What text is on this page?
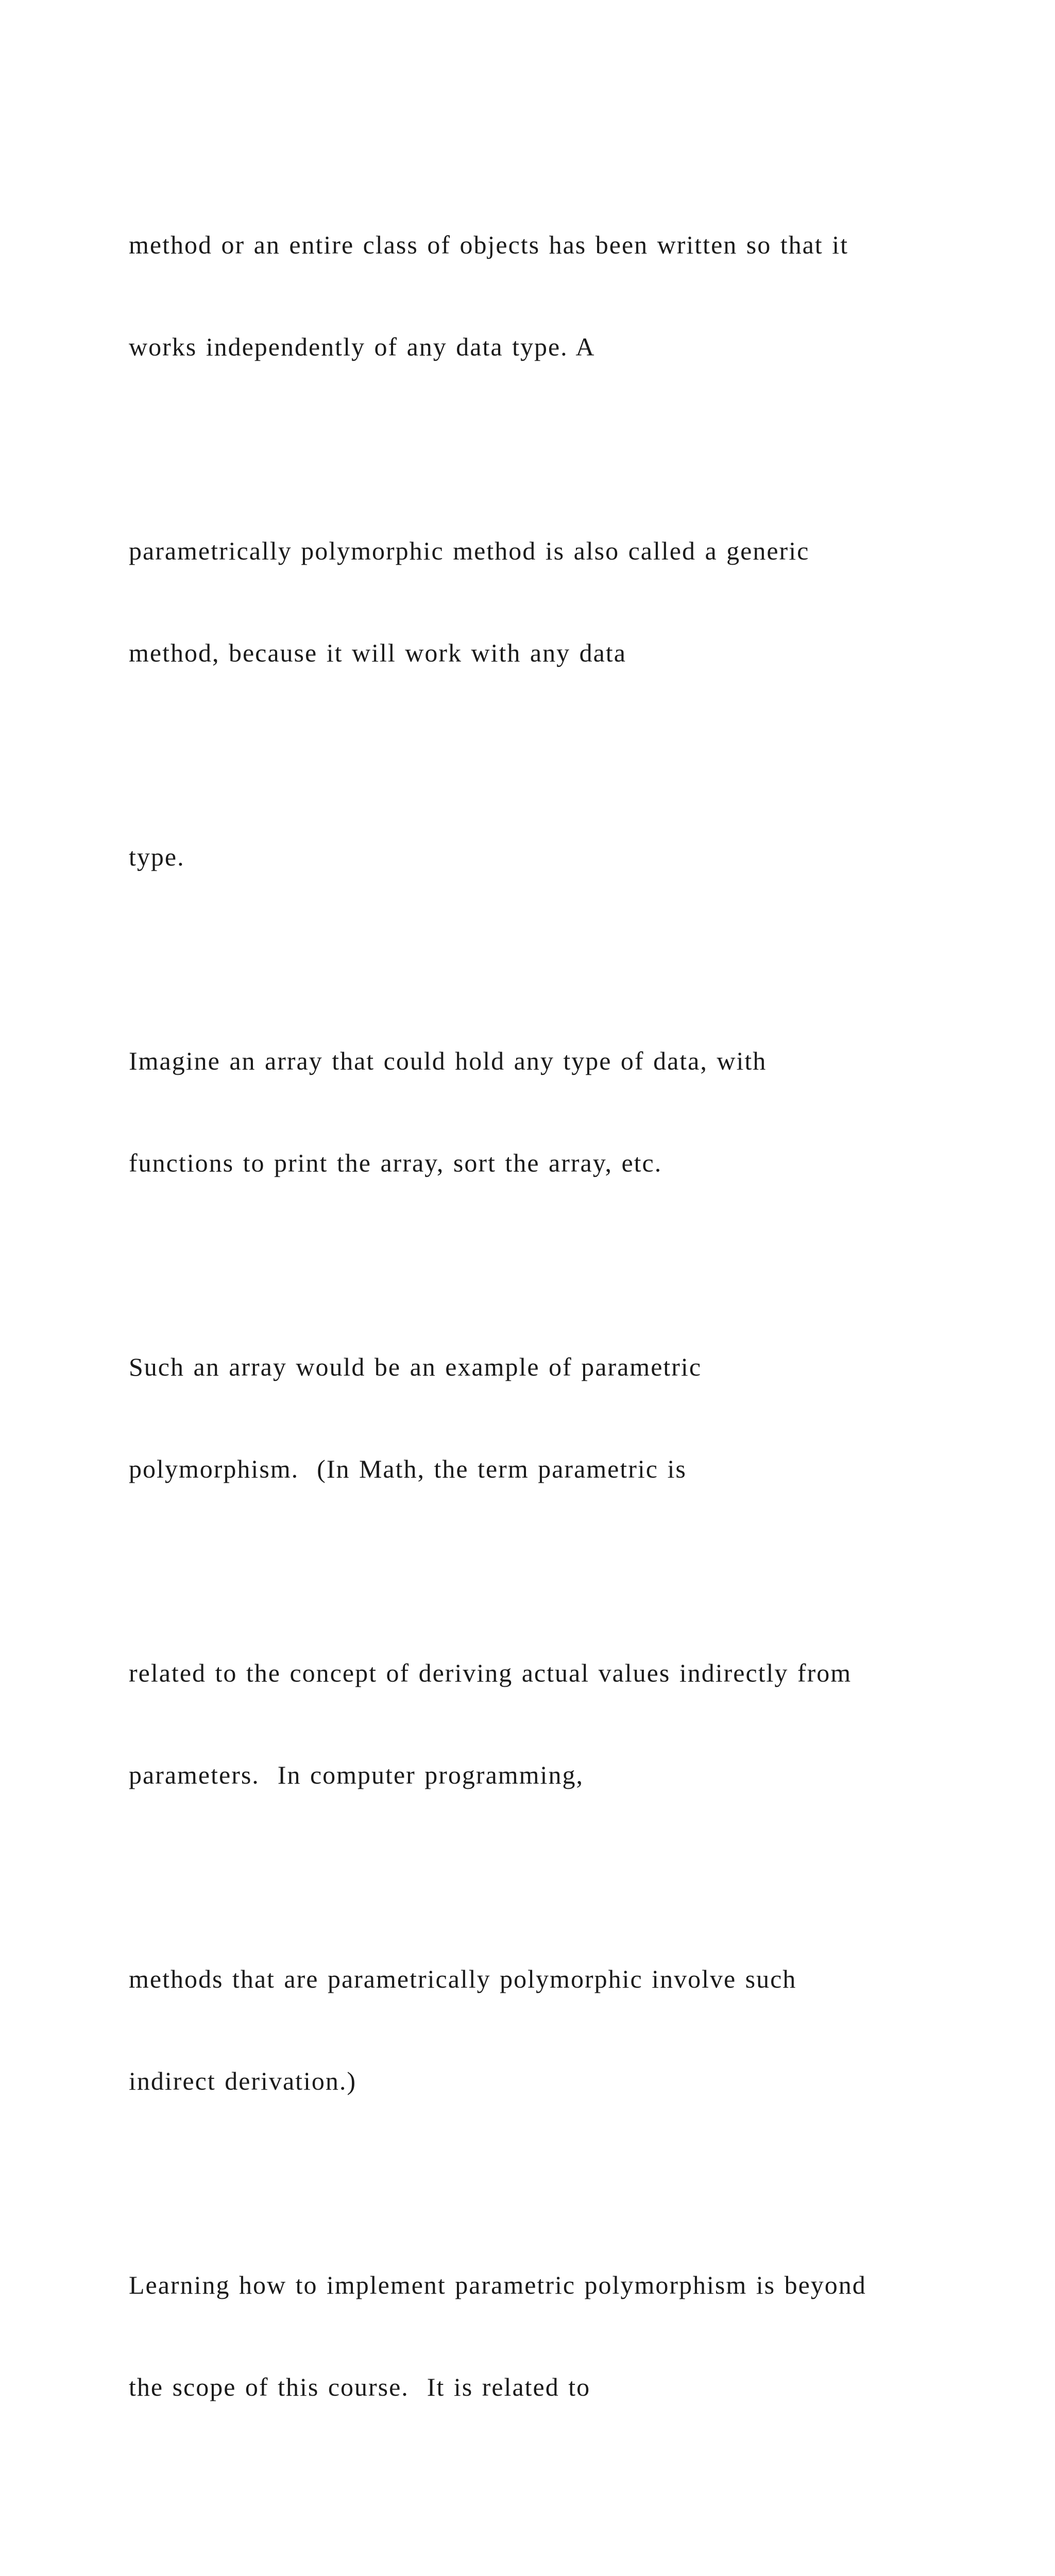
method or an entire class of objects has been written so that it

works independently of any data type. A

parametrically polymorphic method is also called a generic

method, because it will work with any data

type.

Imagine an array that could hold any type of data, with

functions to print the array, sort the array, etc.

Such an array would be an example of parametric

polymorphism.  (In Math, the term parametric is

related to the concept of deriving actual values indirectly from

parameters.  In computer programming,

methods that are parametrically polymorphic involve such

indirect derivation.)

Learning how to implement parametric polymorphism is beyond

the scope of this course.  It is related to
